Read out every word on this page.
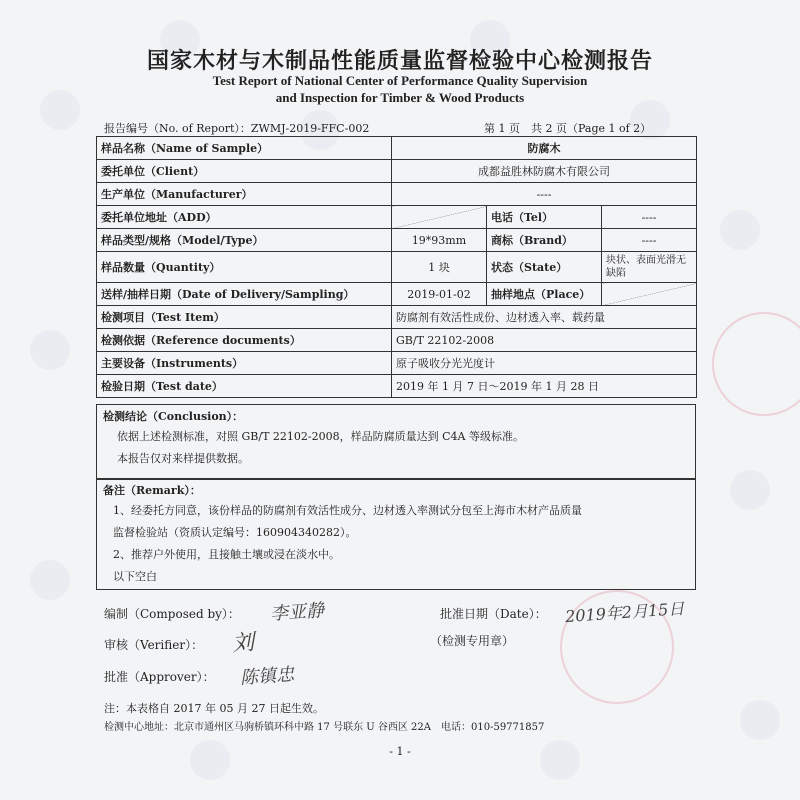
国家木材与木制品性能质量监督检验中心检测报告
Test Report of National Center of Performance Quality Supervision
and Inspection for Timber & Wood Products
报告编号（No. of Report）：ZWMJ-2019-FFC-002	第 1 页　共 2 页（Page 1 of 2）
样品名称（Name of Sample）	防腐木		
委托单位（Client）	成都益胜林防腐木有限公司		
生产单位（Manufacturer）	----		
委托单位地址（ADD）		电话（Tel）	----
样品类型/规格（Model/Type）	19*93mm	商标（Brand）	----
样品数量（Quantity）	1 块	状态（State）	块状、表面光滑无缺陷
送样/抽样日期（Date of Delivery/Sampling）	2019-01-02	抽样地点（Place）	
检测项目（Test Item）	防腐剂有效活性成份、边材透入率、载药量		
检测依据（Reference documents）	GB/T 22102-2008		
主要设备（Instruments）	原子吸收分光光度计		
检验日期（Test date）	2019 年 1 月 7 日～2019 年 1 月 28 日		
检测结论（Conclusion）：

依据上述检测标准，对照 GB/T 22102-2008，样品防腐质量达到 C4A 等级标准。

本报告仅对来样提供数据。

备注（Remark）：

1、经委托方同意，该份样品的防腐剂有效活性成分、边材透入率测试分包至上海市木材产品质量

监督检验站（资质认定编号：160904340282）。

2、推荐户外使用，且接触土壤或浸在淡水中。

以下空白

编制（Composed by）： 李亚静	批准日期（Date）： 2019年2月15日
审核（Verifier）： 刘	（检测专用章）
批准（Approver）： 陈镇忠
注：本表格自 2017 年 05 月 27 日起生效。
检测中心地址：北京市通州区马驹桥镇环科中路 17 号联东 U 谷西区 22A　电话：010-59771857
- 1 -
